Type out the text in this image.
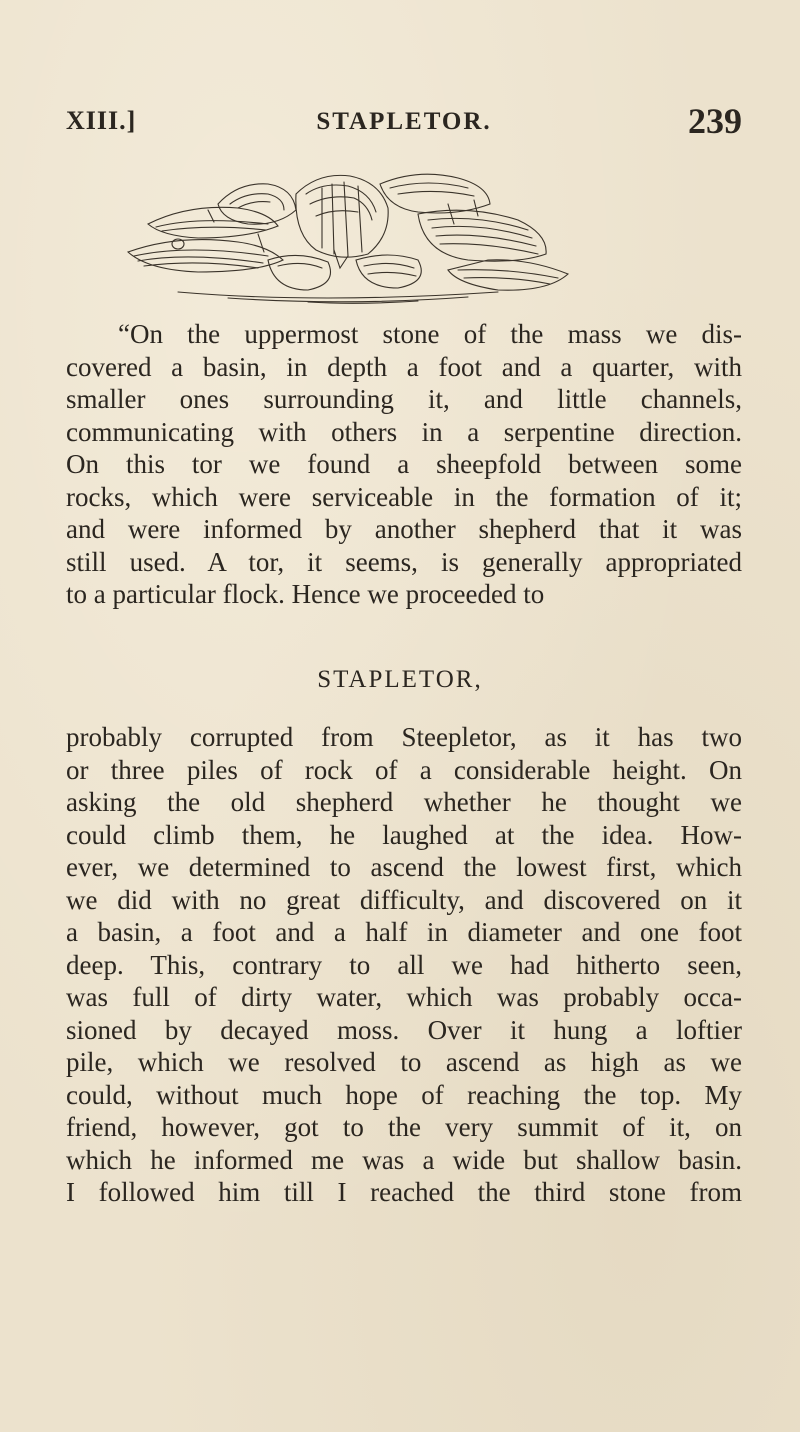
XIII.]	STAPLETOR.	239
“On the uppermost stone of the mass we dis-
covered a basin, in depth a foot and a quarter, with
smaller ones surrounding it, and little channels,
communicating with others in a serpentine direction.
On this tor we found a sheepfold between some
rocks, which were serviceable in the formation of it;
and were informed by another shepherd that it was
still used. A tor, it seems, is generally appropriated
to a particular flock. Hence we proceeded to
STAPLETOR,
probably corrupted from Steepletor, as it has two
or three piles of rock of a considerable height. On
asking the old shepherd whether he thought we
could climb them, he laughed at the idea. How-
ever, we determined to ascend the lowest first, which
we did with no great difficulty, and discovered on it
a basin, a foot and a half in diameter and one foot
deep. This, contrary to all we had hitherto seen,
was full of dirty water, which was probably occa-
sioned by decayed moss. Over it hung a loftier
pile, which we resolved to ascend as high as we
could, without much hope of reaching the top. My
friend, however, got to the very summit of it, on
which he informed me was a wide but shallow basin.
I followed him till I reached the third stone from
